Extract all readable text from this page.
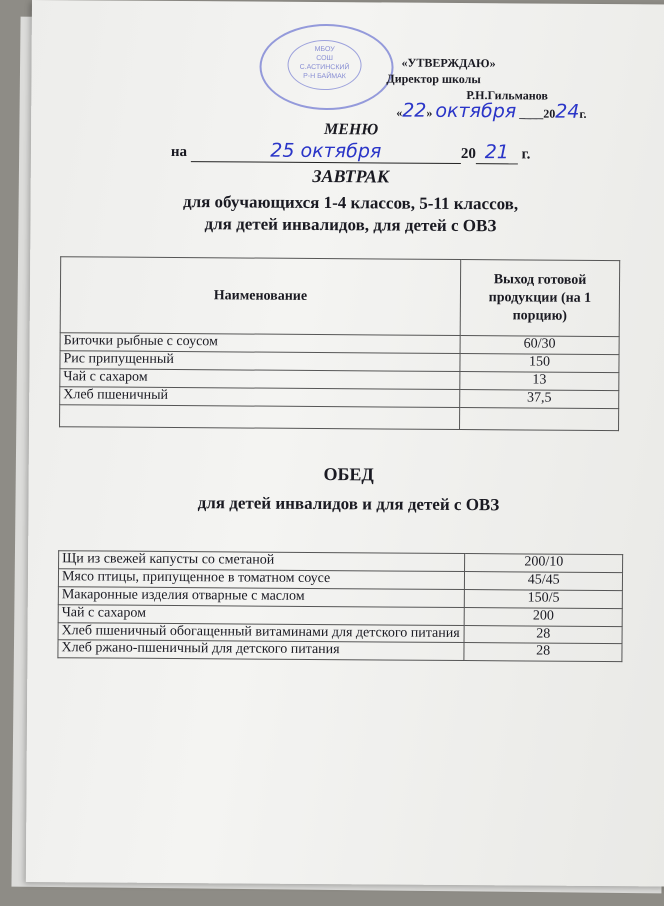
МБОУ
СОШ
С.АСТИНСКИЙ
Р-Н БАЙМАК
«УТВЕРЖДАЮ»
Директор школы
Р.Н.Гильманов
«22» октября ____2024г.
МЕНЮ
на	25 октября	20 21 г.
ЗАВТРАК
для обучающихся 1-4 классов, 5-11 классов,
для детей инвалидов, для детей с ОВЗ
Наименование	Выход готовой продукции (на 1 порцию)
Биточки рыбные с соусом	60/30
Рис припущенный	150
Чай с сахаром	13
Хлеб пшеничный	37,5

ОБЕД
для детей инвалидов и для детей с ОВЗ
Щи из свежей капусты со сметаной	200/10
Мясо птицы, припущенное в томатном соусе	45/45
Макаронные изделия отварные с маслом	150/5
Чай с сахаром	200
Хлеб пшеничный обогащенный витаминами для детского питания	28
Хлеб ржано-пшеничный для детского питания	28
